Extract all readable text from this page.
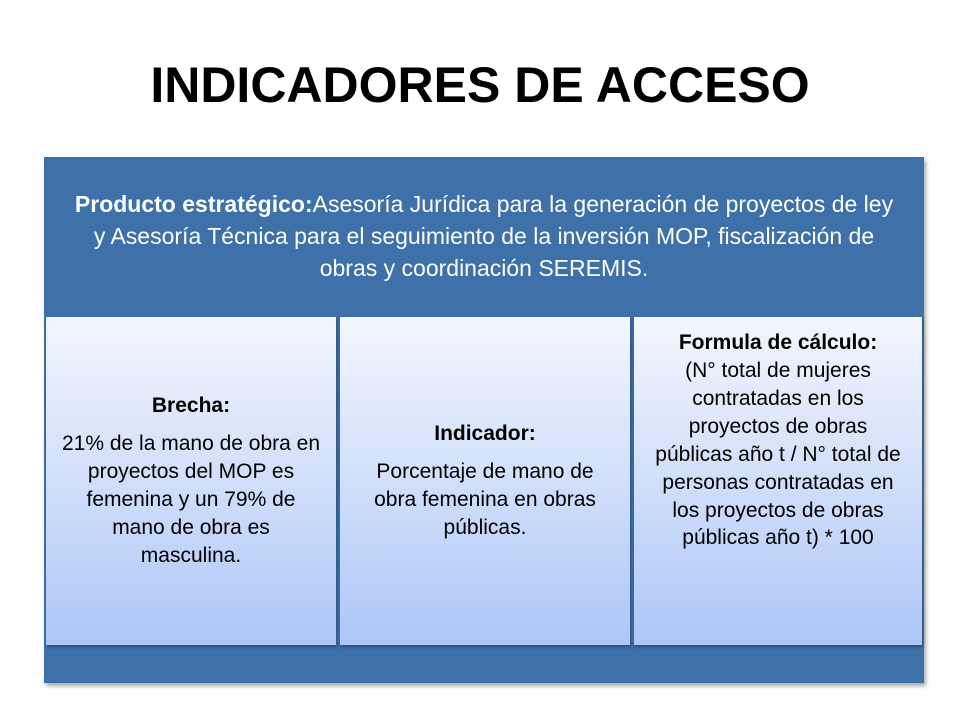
INDICADORES DE ACCESO
Producto estratégico:Asesoría Jurídica para la generación de proyectos de ley y Asesoría Técnica para el seguimiento de la inversión MOP, fiscalización de obras y coordinación SEREMIS.
Brecha:
21% de la mano de obra en proyectos del MOP es femenina y un 79% de mano de obra es masculina.
Indicador:
Porcentaje de mano de obra femenina en obras públicas.
Formula de cálculo:
(N° total de mujeres contratadas en los proyectos de obras públicas año t / N° total de personas contratadas en los proyectos de obras públicas año t) * 100
